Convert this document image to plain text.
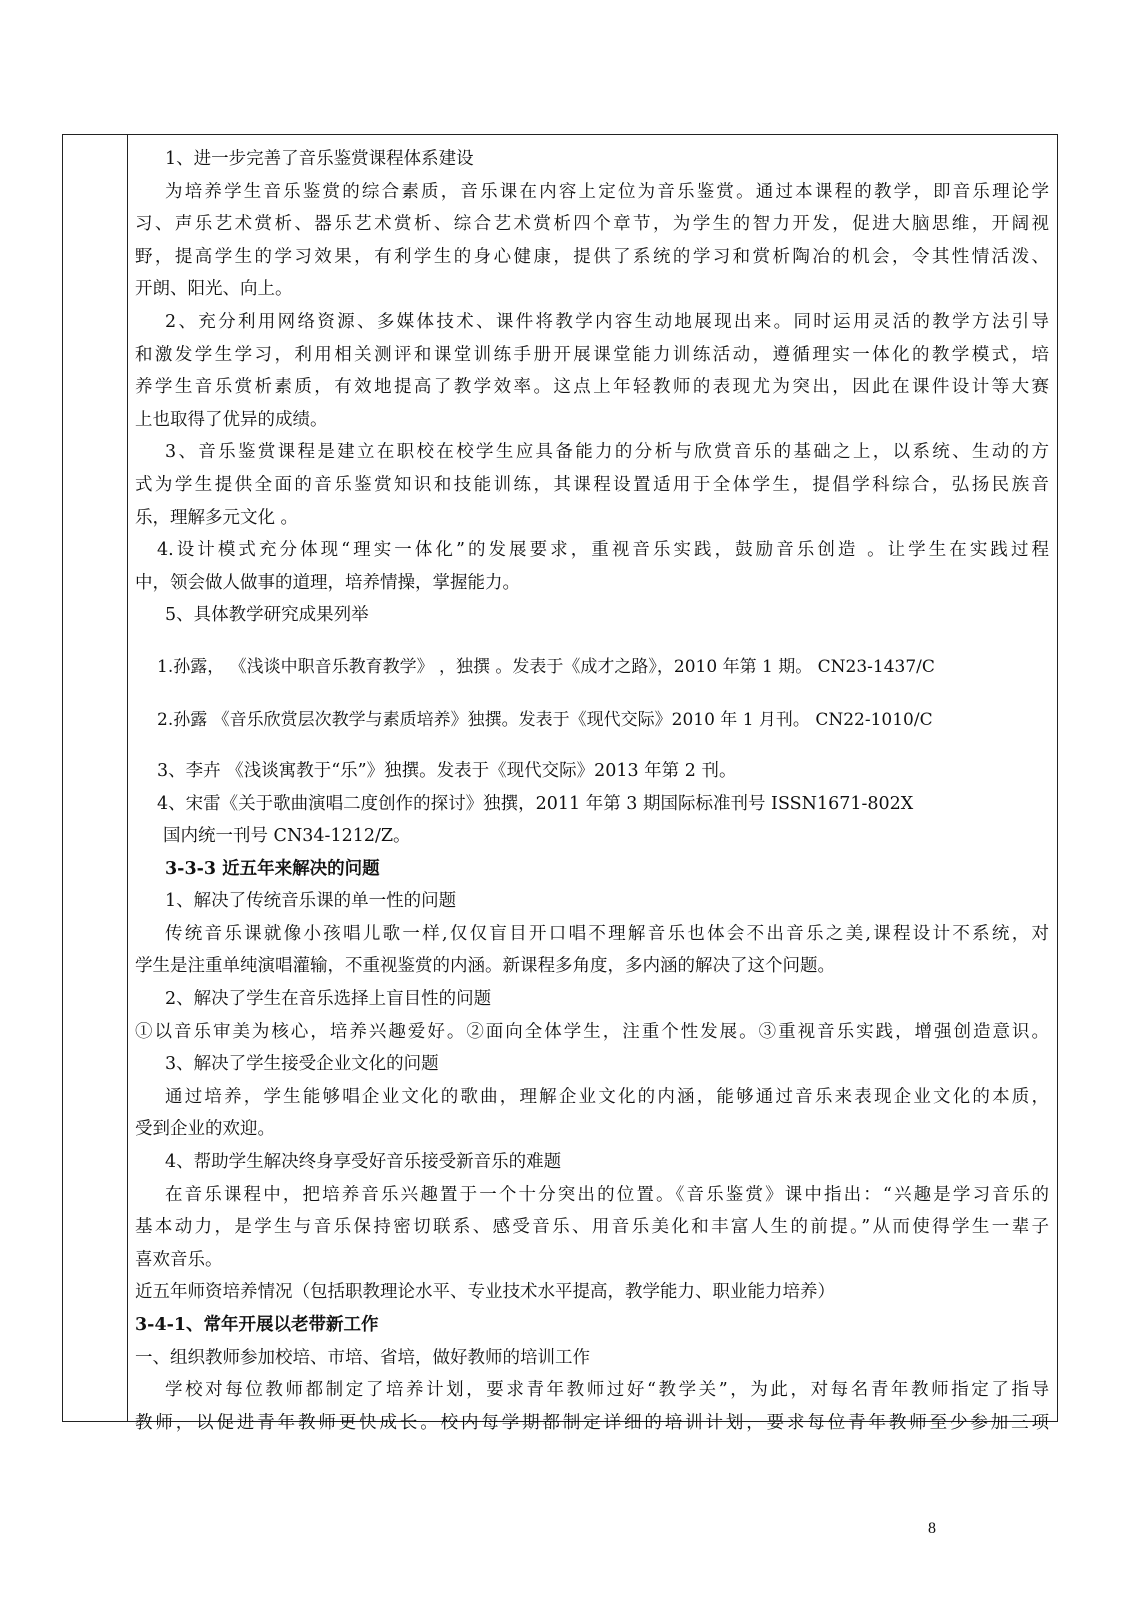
1、进一步完善了音乐鉴赏课程体系建设

为培养学生音乐鉴赏的综合素质，音乐课在内容上定位为音乐鉴赏。通过本课程的教学，即音乐理论学

习、声乐艺术赏析、器乐艺术赏析、综合艺术赏析四个章节，为学生的智力开发，促进大脑思维，开阔视

野，提高学生的学习效果，有利学生的身心健康，提供了系统的学习和赏析陶冶的机会，令其性情活泼、

开朗、阳光、向上。

2、充分利用网络资源、多媒体技术、课件将教学内容生动地展现出来。同时运用灵活的教学方法引导

和激发学生学习，利用相关测评和课堂训练手册开展课堂能力训练活动，遵循理实一体化的教学模式，培

养学生音乐赏析素质，有效地提高了教学效率。这点上年轻教师的表现尤为突出，因此在课件设计等大赛

上也取得了优异的成绩。

3、音乐鉴赏课程是建立在职校在校学生应具备能力的分析与欣赏音乐的基础之上，以系统、生动的方

式为学生提供全面的音乐鉴赏知识和技能训练，其课程设置适用于全体学生，提倡学科综合，弘扬民族音

乐，理解多元文化 。

4.设计模式充分体现“理实一体化”的发展要求，重视音乐实践，鼓励音乐创造 。让学生在实践过程

中，领会做人做事的道理，培养情操，掌握能力。

5、具体教学研究成果列举

1.孙露， 《浅谈中职音乐教育教学》 ，独撰 。发表于《成才之路》，2010 年第 1 期。 CN23-1437/C

2.孙露 《音乐欣赏层次教学与素质培养》独撰。发表于《现代交际》2010 年 1 月刊。 CN22-1010/C

3、李卉 《浅谈寓教于“乐”》独撰。发表于《现代交际》2013 年第 2 刊。

4、宋雷《关于歌曲演唱二度创作的探讨》独撰，2011 年第 3 期国际标准刊号 ISSN1671-802X

国内统一刊号 CN34-1212/Z。

3-3-3 近五年来解决的问题

1、解决了传统音乐课的单一性的问题

传统音乐课就像小孩唱儿歌一样,仅仅盲目开口唱不理解音乐也体会不出音乐之美,课程设计不系统，对

学生是注重单纯演唱灌输，不重视鉴赏的内涵。新课程多角度，多内涵的解决了这个问题。

2、解决了学生在音乐选择上盲目性的问题

①以音乐审美为核心，培养兴趣爱好。②面向全体学生，注重个性发展。③重视音乐实践，增强创造意识。

3、解决了学生接受企业文化的问题

通过培养，学生能够唱企业文化的歌曲，理解企业文化的内涵，能够通过音乐来表现企业文化的本质，

受到企业的欢迎。

4、帮助学生解决终身享受好音乐接受新音乐的难题

在音乐课程中，把培养音乐兴趣置于一个十分突出的位置。《音乐鉴赏》课中指出：“兴趣是学习音乐的

基本动力，是学生与音乐保持密切联系、感受音乐、用音乐美化和丰富人生的前提。”从而使得学生一辈子

喜欢音乐。

近五年师资培养情况（包括职教理论水平、专业技术水平提高，教学能力、职业能力培养）

3-4-1、常年开展以老带新工作

一、组织教师参加校培、市培、省培，做好教师的培训工作

学校对每位教师都制定了培养计划，要求青年教师过好“教学关”，为此，对每名青年教师指定了指导

教师，以促进青年教师更快成长。校内每学期都制定详细的培训计划，要求每位青年教师至少参加三项

8
